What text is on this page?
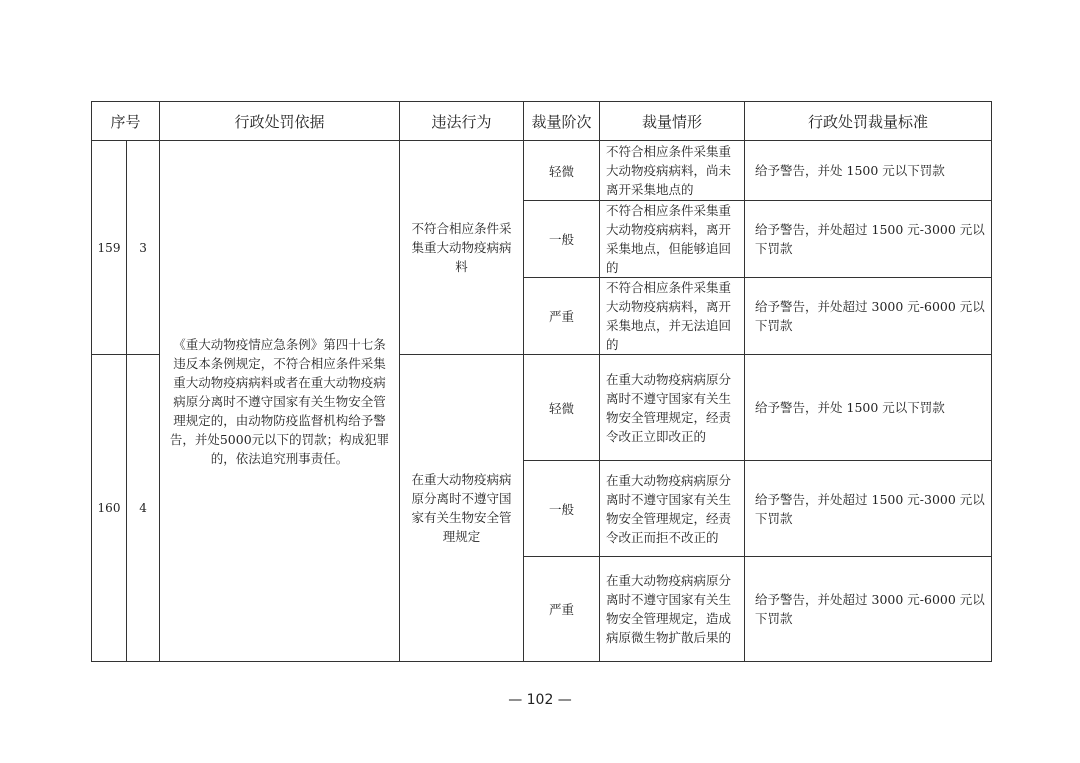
序号		行政处罚依据	违法行为	裁量阶次	裁量情形	行政处罚裁量标准
159	3	《重大动物疫情应急条例》第四十七条 违反本条例规定，不符合相应条件采集重大动物疫病病料或者在重大动物疫病病原分离时不遵守国家有关生物安全管理规定的，由动物防疫监督机构给予警告，并处5000元以下的罚款；构成犯罪的，依法追究刑事责任。	不符合相应条件采集重大动物疫病病料	轻微	不符合相应条件采集重大动物疫病病料，尚未离开采集地点的	给予警告，并处 1500 元以下罚款
				一般	不符合相应条件采集重大动物疫病病料，离开采集地点，但能够追回的	给予警告，并处超过 1500 元-3000 元以下罚款
				严重	不符合相应条件采集重大动物疫病病料，离开采集地点，并无法追回的	给予警告，并处超过 3000 元-6000 元以下罚款
160	4		在重大动物疫病病原分离时不遵守国家有关生物安全管理规定	轻微	在重大动物疫病病原分离时不遵守国家有关生物安全管理规定，经责令改正立即改正的	给予警告，并处 1500 元以下罚款
				一般	在重大动物疫病病原分离时不遵守国家有关生物安全管理规定，经责令改正而拒不改正的	给予警告，并处超过 1500 元-3000 元以下罚款
				严重	在重大动物疫病病原分离时不遵守国家有关生物安全管理规定，造成病原微生物扩散后果的	给予警告，并处超过 3000 元-6000 元以下罚款
— 102 —
